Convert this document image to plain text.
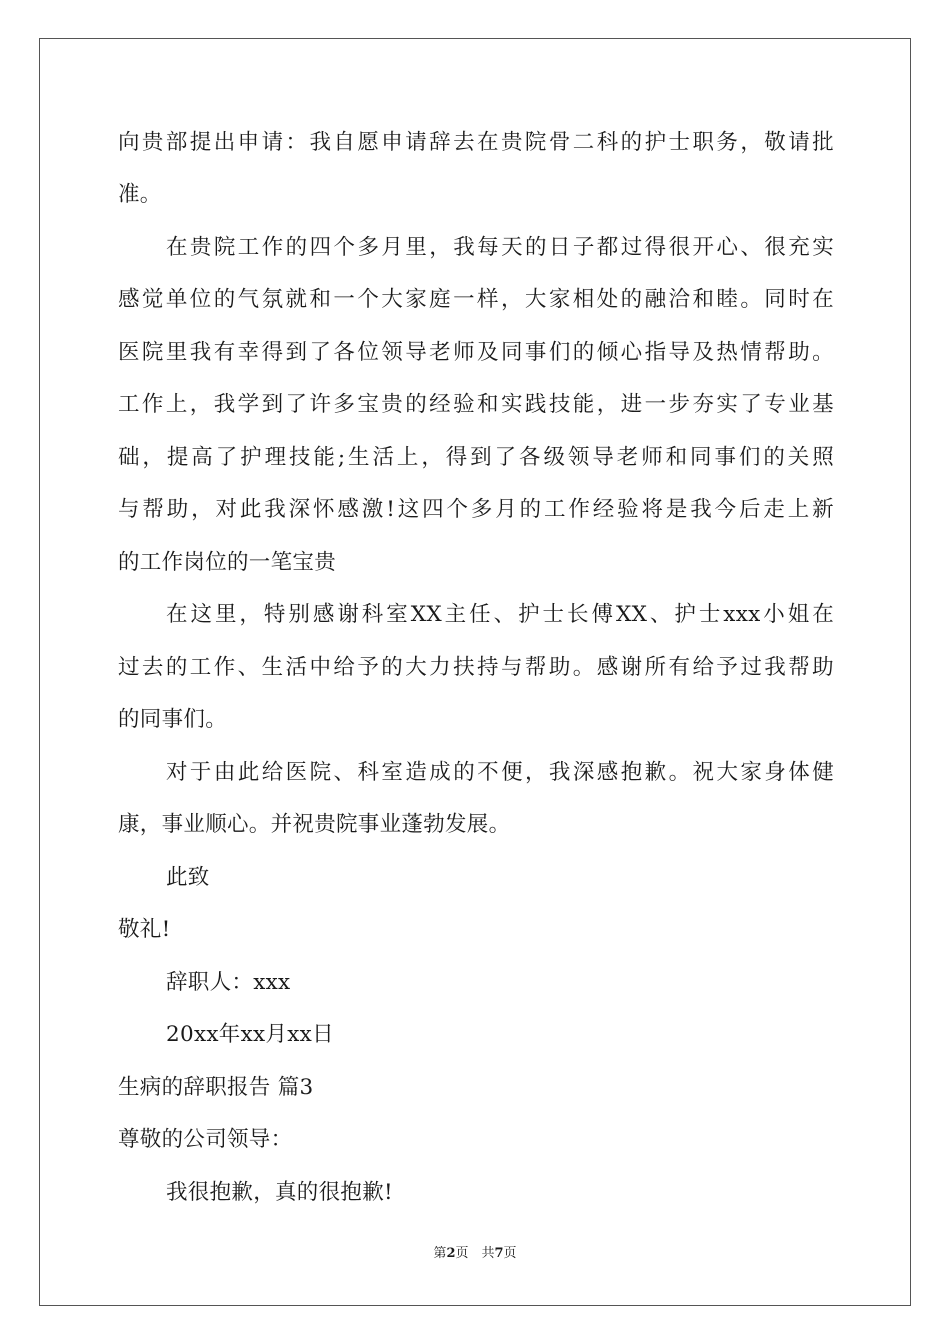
向贵部提出申请：我自愿申请辞去在贵院骨二科的护士职务，敬请批
准。
在贵院工作的四个多月里，我每天的日子都过得很开心、很充实
感觉单位的气氛就和一个大家庭一样，大家相处的融洽和睦。同时在
医院里我有幸得到了各位领导老师及同事们的倾心指导及热情帮助。
工作上，我学到了许多宝贵的经验和实践技能，进一步夯实了专业基
础，提高了护理技能;生活上，得到了各级领导老师和同事们的关照
与帮助，对此我深怀感激!这四个多月的工作经验将是我今后走上新
的工作岗位的一笔宝贵
在这里，特别感谢科室XX主任、护士长傅XX、护士xxx小姐在
过去的工作、生活中给予的大力扶持与帮助。感谢所有给予过我帮助
的同事们。
对于由此给医院、科室造成的不便，我深感抱歉。祝大家身体健
康，事业顺心。并祝贵院事业蓬勃发展。
此致
敬礼!
辞职人：xxx
20xx年xx月xx日
生病的辞职报告 篇3
尊敬的公司领导：
我很抱歉，真的很抱歉!
第2页　共7页
